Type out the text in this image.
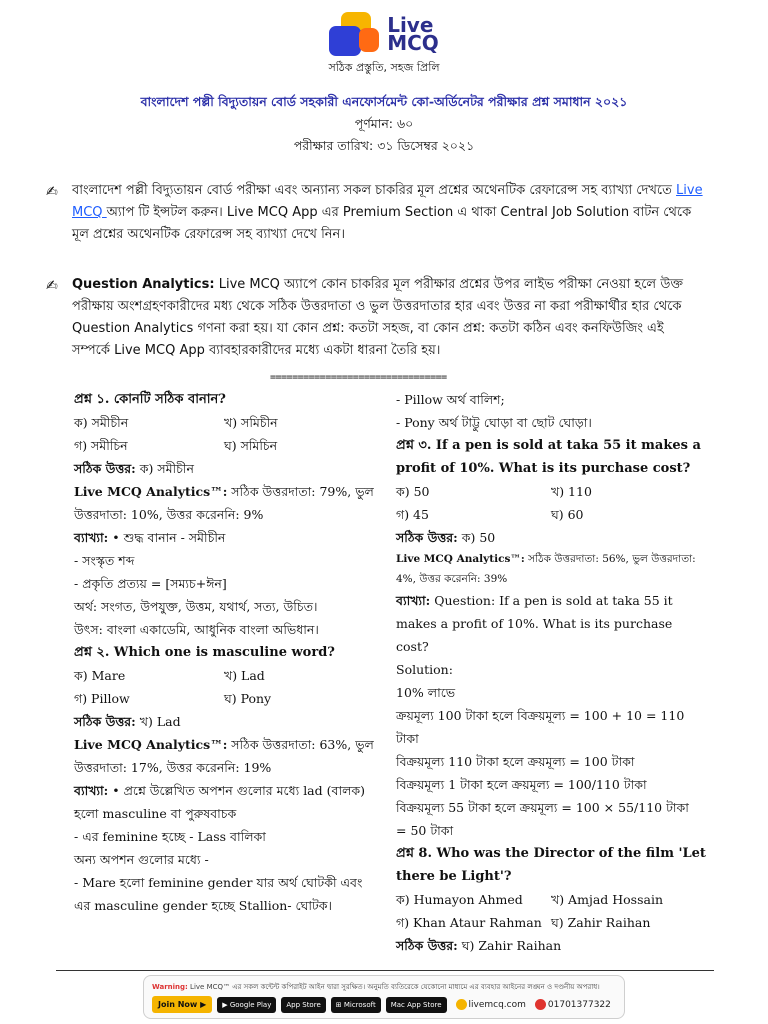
Live
MCQ
সঠিক প্রস্তুতি, সহজ প্রিলি
বাংলাদেশ পল্লী বিদ্যুতায়ন বোর্ড সহকারী এনফোর্সমেন্ট কো-অর্ডিনেটর পরীক্ষার প্রশ্ন সমাধান ২০২১
পূর্ণমান: ৬০
পরীক্ষার তারিখ: ৩১ ডিসেম্বর ২০২১
✍ বাংলাদেশ পল্লী বিদ্যুতায়ন বোর্ড পরীক্ষা এবং অন্যান্য সকল চাকরির মূল প্রশ্নের অথেনটিক রেফারেন্স সহ ব্যাখ্যা দেখতে Live MCQ অ্যাপ টি ইন্সটল করুন। Live MCQ App এর Premium Section এ থাকা Central Job Solution বাটন থেকে মূল প্রশ্নের অথেনটিক রেফারেন্স সহ ব্যাখ্যা দেখে নিন।
✍ Question Analytics: Live MCQ অ্যাপে কোন চাকরির মূল পরীক্ষার প্রশ্নের উপর লাইভ পরীক্ষা নেওয়া হলে উক্ত পরীক্ষায় অংশগ্রহণকারীদের মধ্য থেকে সঠিক উত্তরদাতা ও ভুল উত্তরদাতার হার এবং উত্তর না করা পরীক্ষার্থীর হার থেকে Question Analytics গণনা করা হয়। যা কোন প্রশ্ন: কতটা সহজ, বা কোন প্রশ্ন: কতটা কঠিন এবং কনফিউজিং এই সম্পর্কে Live MCQ App ব্যাবহারকারীদের মধ্যে একটা ধারনা তৈরি হয়।
================================
প্রশ্ন ১. কোনটি সঠিক বানান?
ক) সমীচীন	খ) সমিচীন
গ) সমীচিন	ঘ) সমিচিন
সঠিক উত্তর: ক) সমীচীন
Live MCQ Analytics™: সঠিক উত্তরদাতা: 79%, ভুল উত্তরদাতা: 10%, উত্তর করেননি: 9%
ব্যাখ্যা: • শুদ্ধ বানান - সমীচীন
- সংস্কৃত শব্দ
- প্রকৃতি প্রত্যয় = [সম্যচ+ঈন]
অর্থ: সংগত, উপযুক্ত, উত্তম, যথার্থ, সত্য, উচিত।
উৎস: বাংলা একাডেমি, আধুনিক বাংলা অভিধান।
প্রশ্ন ২. Which one is masculine word?
ক) Mare	খ) Lad
গ) Pillow	ঘ) Pony
সঠিক উত্তর: খ) Lad
Live MCQ Analytics™: সঠিক উত্তরদাতা: 63%, ভুল উত্তরদাতা: 17%, উত্তর করেননি: 19%
ব্যাখ্যা: • প্রশ্নে উল্লেখিত অপশন গুলোর মধ্যে lad (বালক) হলো masculine বা পুরুষবাচক
- এর feminine হচ্ছে - Lass বালিকা
অন্য অপশন গুলোর মধ্যে -
- Mare হলো feminine gender যার অর্থ ঘোটকী এবং এর masculine gender হচ্ছে Stallion- ঘোটক।
- Pillow অর্থ বালিশ;
- Pony অর্থ টাট্টু ঘোড়া বা ছোট ঘোড়া।
প্রশ্ন ৩. If a pen is sold at taka 55 it makes a profit of 10%. What is its purchase cost?
ক) 50	খ) 110
গ) 45	ঘ) 60
সঠিক উত্তর: ক) 50
Live MCQ Analytics™: সঠিক উত্তরদাতা: 56%, ভুল উত্তরদাতা: 4%, উত্তর করেননি: 39%
ব্যাখ্যা: Question: If a pen is sold at taka 55 it makes a profit of 10%. What is its purchase cost?
Solution:
10% লাভে
ক্রয়মূল্য 100 টাকা হলে বিক্রয়মূল্য = 100 + 10 = 110 টাকা
বিক্রয়মূল্য 110 টাকা হলে ক্রয়মূল্য = 100 টাকা
বিক্রয়মূল্য 1 টাকা হলে ক্রয়মূল্য = 100/110 টাকা
বিক্রয়মূল্য 55 টাকা হলে ক্রয়মূল্য = 100 × 55/110 টাকা
= 50 টাকা
প্রশ্ন 8. Who was the Director of the film 'Let there be Light'?
ক) Humayon Ahmed	খ) Amjad Hossain
গ) Khan Ataur Rahman ঘ) Zahir Raihan
সঠিক উত্তর: ঘ) Zahir Raihan
Warning: Live MCQ™ এর সকল কন্টেন্ট কপিরাইট আইন দ্বারা সুরক্ষিত। অনুমতি ব্যতিরেকে যেকোনো মাধ্যমে এর ব্যবহার আইনের লঙ্ঘন ও দণ্ডনীয় অপরাধ।
Join Now ▶	▶ Google Play	App Store	⊞ Microsoft	Mac App Store	livemcq.com	01701377322
